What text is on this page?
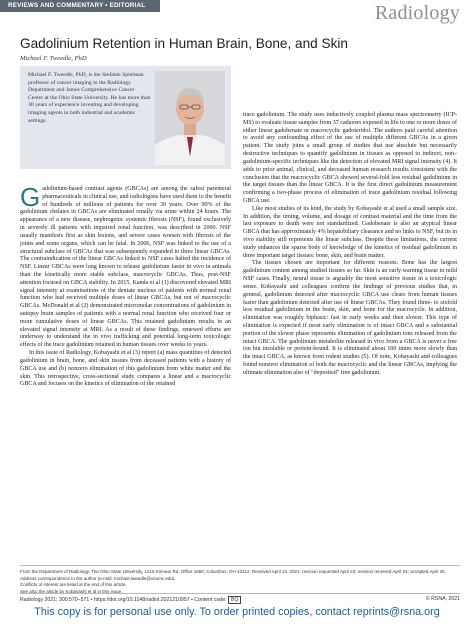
REVIEWS AND COMMENTARY • EDITORIAL	Radiology
Gadolinium Retention in Human Brain, Bone, and Skin
Michael F. Tweedle, PhD

Michael F. Tweedle, PhD, is the Stefanie Spielman professor of cancer imaging in the Radiology Department and James Comprehensive Cancer Center at the Ohio State University. He has more than 30 years of experience inventing and developing imaging agents in both industrial and academic settings.

Gadolinium-based contrast agents (GBCAs) are among the safest parenteral pharmaceuticals in clinical use, and radiologists have used them to the benefit of hundreds of millions of patients for over 30 years. Over 90% of the gadolinium chelates in GBCAs are eliminated renally via urine within 24 hours. The appearance of a new disease, nephrogenic systemic fibrosis (NSF), found exclusively in severely ill patients with impaired renal function, was described in 2000. NSF usually manifests first as skin lesions, and severe cases worsen with fibrosis of the joints and some organs, which can be fatal. In 2006, NSF was linked to the use of a structural subclass of GBCAs that was subsequently expanded to three linear GBCAs. The contraindication of the linear GBCAs linked to NSF cases halted the incidence of NSF. Linear GBCAs were long known to release gadolinium faster in vivo in animals than the kinetically more stable subclass, macrocyclic GBCAs. Thus, post-NSF attention focused on GBCA stability. In 2015, Kanda et al (1) discovered elevated MRI signal intensity at examinations of the dentate nucleus of patients with normal renal function who had received multiple doses of linear GBCAs, but not of macrocyclic GBCAs. McDonald et al (2) demonstrated micromolar concentrations of gadolinium in autopsy brain samples of patients with a normal renal function who received four or more cumulative doses of linear GBCAs. This retained gadolinium results in an elevated signal intensity at MRI. As a result of these findings, renewed efforts are underway to understand the in vivo trafficking and potential long-term toxicologic effects of the trace gadolinium retained in human tissues over weeks to years.

In this issue of Radiology, Kobayashi et al (3) report (a) mass quantities of detected gadolinium in brain, bone, and skin tissues from deceased patients with a history of GBCA use and (b) nonzero elimination of this gadolinium from white matter and the skin. This retrospective, cross-sectional study compares a linear and a macrocyclic GBCA and focuses on the kinetics of elimination of the retained

trace gadolinium. The study uses inductively coupled plasma mass spectrometry (ICP-MS) to evaluate tissue samples from 37 cadavers exposed in life to one or more doses of either linear gadobenate or macrocyclic gadoteridol. The authors paid careful attention to avoid any confounding effect of the use of multiple different GBCAs in a given patient. The study joins a small group of studies that use absolute but necessarily destructive techniques to quantify gadolinium in tissues as opposed to indirect, non–gadolinium-specific techniques like the detection of elevated MRI signal intensity (4). It adds to prior animal, clinical, and deceased human research results consistent with the conclusion that the macrocyclic GBCA showed several-fold less residual gadolinium in the target tissues than the linear GBCA. It is the first direct gadolinium measurement confirming a two-phase process of elimination of trace gadolinium residual following GBCA use.

Like most studies of its kind, the study by Kobayashi et al used a small sample size. In addition, the timing, volume, and dosage of contrast material and the time from the last exposure to death were not standardized. Gadobenate is also an atypical linear GBCA that has approximately 4% hepatobiliary clearance and no links to NSF, but its in vivo stability still represents the linear subclass. Despite these limitations, the current study enhances the sparse body of knowledge of the kinetics of residual gadolinium in three important target tissues: bone, skin, and brain matter.

The tissues chosen are important for different reasons. Bone has the largest gadolinium content among studied tissues so far. Skin is an early warning tissue in mild NSF cases. Finally, neural tissue is arguably the most sensitive tissue in a toxicologic sense. Kobayashi and colleagues confirm the findings of previous studies that, in general, gadolinium detected after macrocyclic GBCA use clears from human tissues faster than gadolinium detected after use of linear GBCAs. They found three- to sixfold less residual gadolinium in the brain, skin, and bone for the macrocycle. In addition, elimination was roughly biphasic: fast in early weeks and then slower. This type of elimination is expected if most early elimination is of intact GBCA and a substantial portion of the slower phase represents elimination of gadolinium ions released from the intact GBCA. The gadolinium metabolite released in vivo from a GBCA is never a free ion but insoluble or protein-bound. It is eliminated about 100 times more slowly than the intact GBCA, as known from rodent studies (5). Of note, Kobayashi and colleagues found nonzero elimination of both the macrocyclic and the linear GBCAs, implying the ultimate elimination also of "deposited" free gadolinium.

From the Department of Radiology, The Ohio State University, 1216 Kinnear Rd, Office 1650, Columbus, OH 43212. Received April 13, 2021; revision requested April 23; revision received April 24; accepted April 26. Address correspondence to the author (e-mail: michael.tweedle@osumc.edu).

Conflicts of interest are listed at the end of this article.

See also the article by Kobayashi et al in this issue.

Radiology 2021; 300:570–571 • https://doi.org/10.1148/radiol.2021210957 • Content code: BQ	© RSNA, 2021
This copy is for personal use only. To order printed copies, contact reprints@rsna.org
